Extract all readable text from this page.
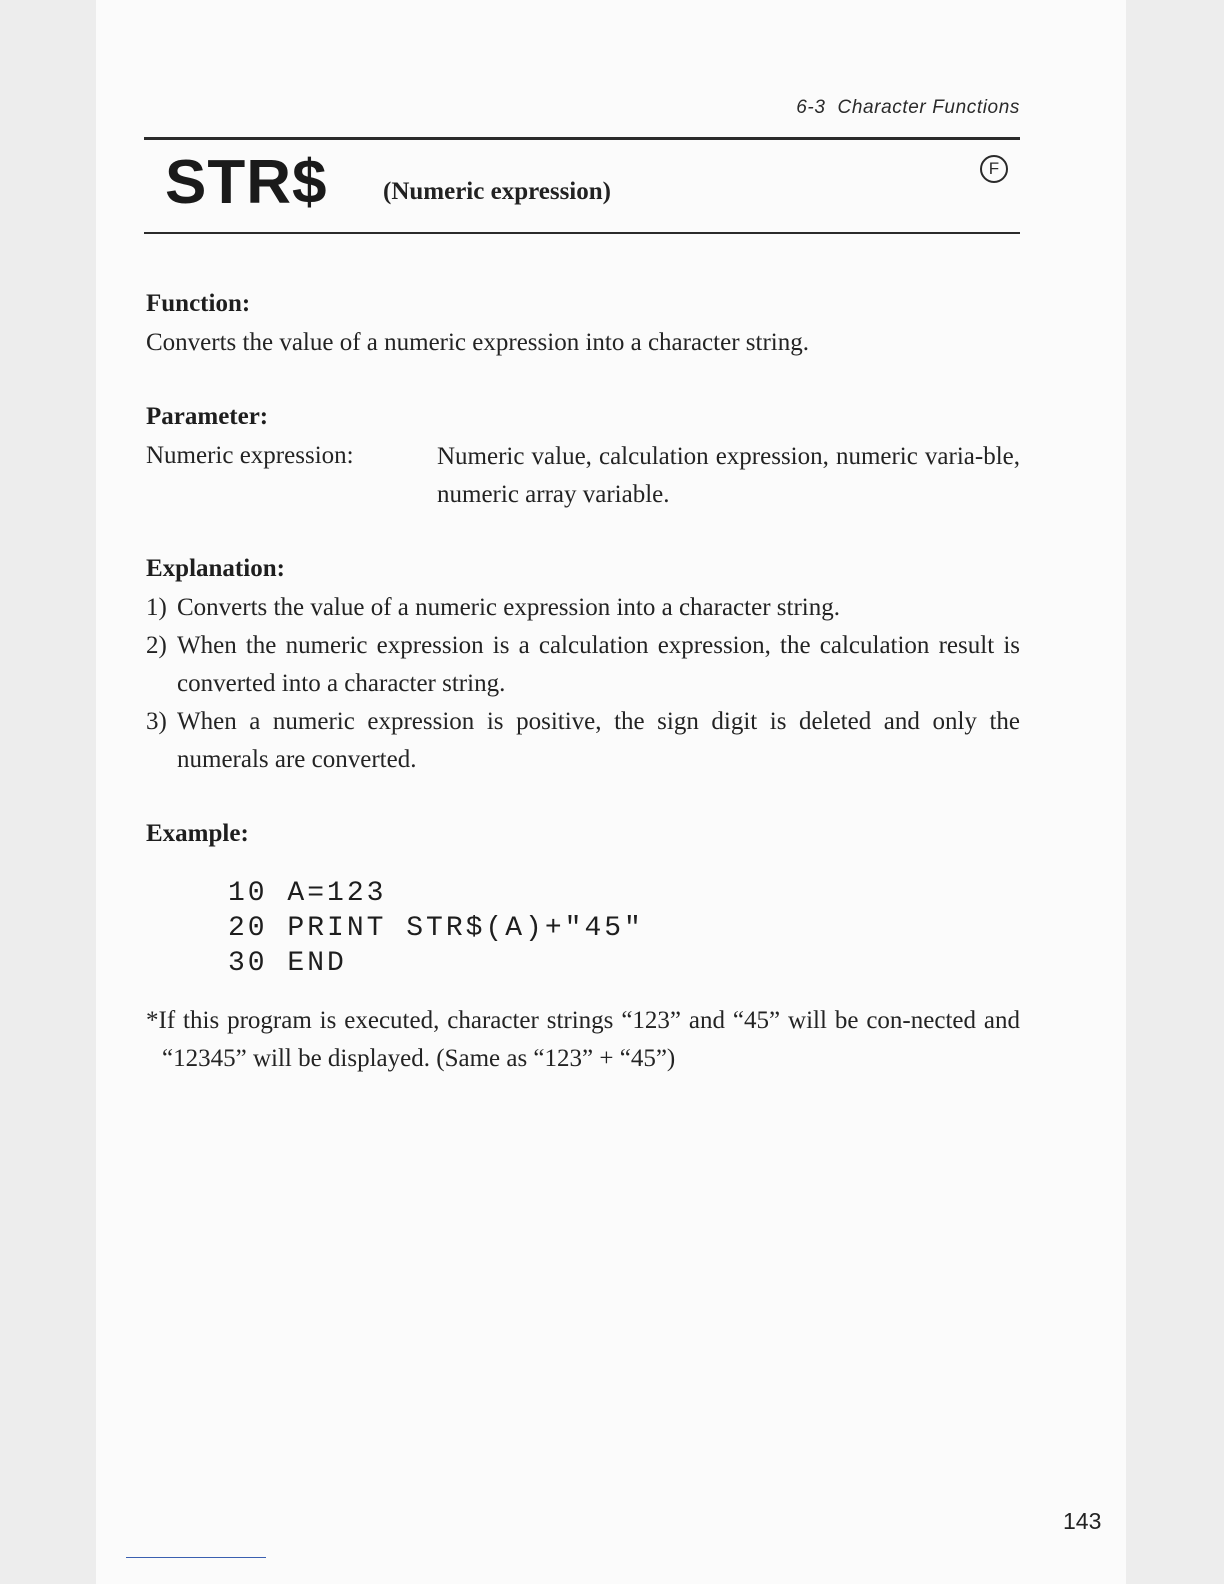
6-3 Character Functions
STR$ (Numeric expression)
F
Function:
Converts the value of a numeric expression into a character string.
Parameter:
Numeric expression:	Numeric value, calculation expression, numeric varia-ble, numeric array variable.
Explanation:
1) Converts the value of a numeric expression into a character string.
2) When the numeric expression is a calculation expression, the calculation result is converted into a character string.
3) When a numeric expression is positive, the sign digit is deleted and only the numerals are converted.
Example:
10 A=123
20 PRINT STR$(A)+"45"
30 END
*If this program is executed, character strings “123” and “45” will be con-nected and “12345” will be displayed. (Same as “123” + “45”)
143
